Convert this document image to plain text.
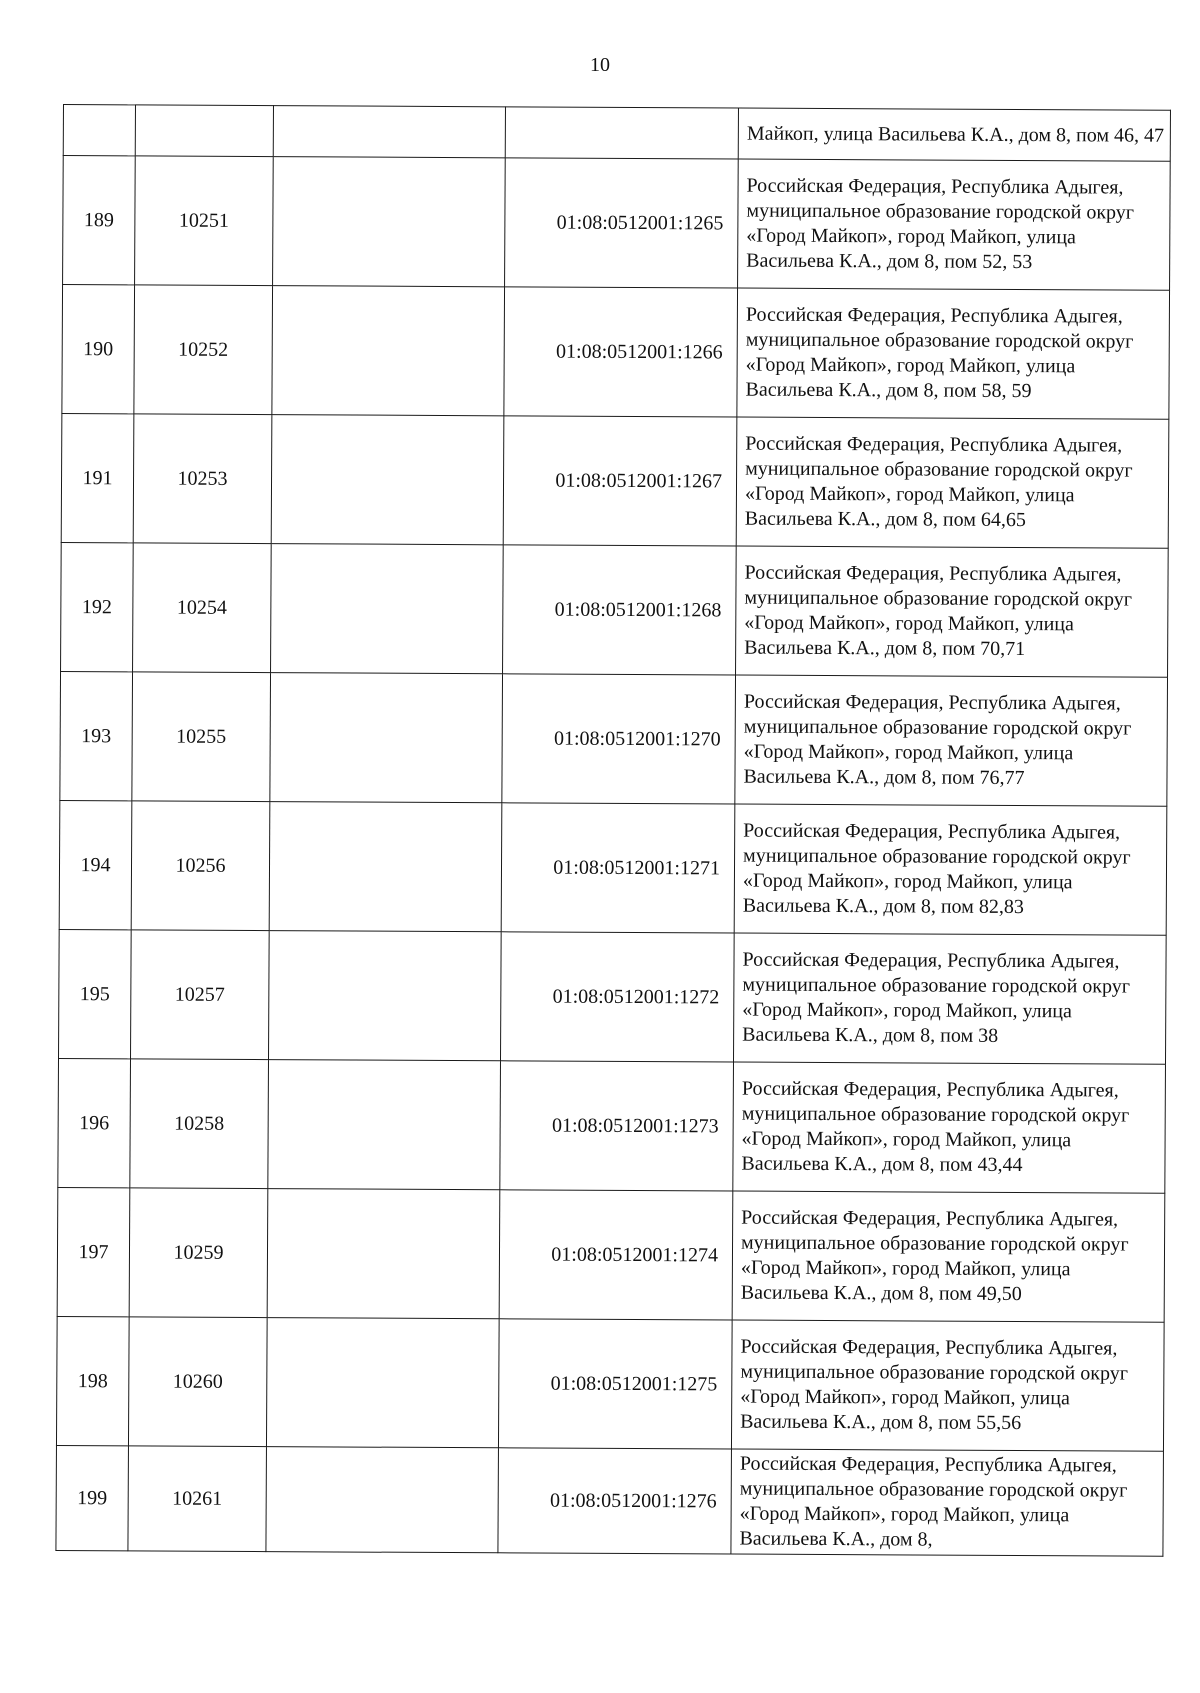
10
				Майкоп, улица Васильева К.А., дом 8, пом 46, 47
189	10251		01:08:0512001:1265	Российская Федерация, Республика Адыгея, муниципальное образование городской округ «Город Майкоп», город Майкоп, улица Васильева К.А., дом 8, пом 52, 53
190	10252		01:08:0512001:1266	Российская Федерация, Республика Адыгея, муниципальное образование городской округ «Город Майкоп», город Майкоп, улица Васильева К.А., дом 8, пом 58, 59
191	10253		01:08:0512001:1267	Российская Федерация, Республика Адыгея, муниципальное образование городской округ «Город Майкоп», город Майкоп, улица Васильева К.А., дом 8, пом 64,65
192	10254		01:08:0512001:1268	Российская Федерация, Республика Адыгея, муниципальное образование городской округ «Город Майкоп», город Майкоп, улица Васильева К.А., дом 8, пом 70,71
193	10255		01:08:0512001:1270	Российская Федерация, Республика Адыгея, муниципальное образование городской округ «Город Майкоп», город Майкоп, улица Васильева К.А., дом 8, пом 76,77
194	10256		01:08:0512001:1271	Российская Федерация, Республика Адыгея, муниципальное образование городской округ «Город Майкоп», город Майкоп, улица Васильева К.А., дом 8, пом 82,83
195	10257		01:08:0512001:1272	Российская Федерация, Республика Адыгея, муниципальное образование городской округ «Город Майкоп», город Майкоп, улица Васильева К.А., дом 8, пом 38
196	10258		01:08:0512001:1273	Российская Федерация, Республика Адыгея, муниципальное образование городской округ «Город Майкоп», город Майкоп, улица Васильева К.А., дом 8, пом 43,44
197	10259		01:08:0512001:1274	Российская Федерация, Республика Адыгея, муниципальное образование городской округ «Город Майкоп», город Майкоп, улица Васильева К.А., дом 8, пом 49,50
198	10260		01:08:0512001:1275	Российская Федерация, Республика Адыгея, муниципальное образование городской округ «Город Майкоп», город Майкоп, улица Васильева К.А., дом 8, пом 55,56
199	10261		01:08:0512001:1276	Российская Федерация, Республика Адыгея, муниципальное образование городской округ «Город Майкоп», город Майкоп, улица Васильева К.А., дом 8,
